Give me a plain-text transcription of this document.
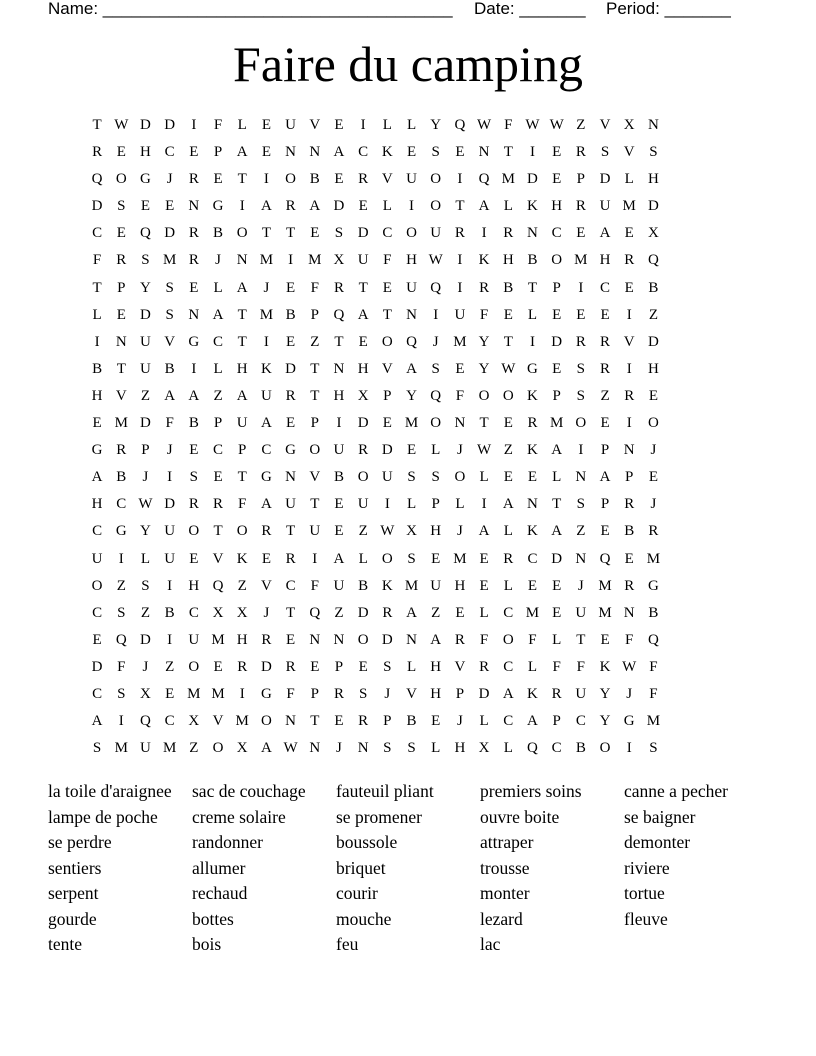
Name: _____________________________________ Date: _______ Period: _______
Faire du camping
T W D D I F L E U V E I L L Y Q W F W W Z V X N
R E H C E P A E N N A C K E S E N T I E R S V S
Q O G J R E T I O B E R V U O I Q M D E P D L H
D S E E N G I A R A D E L I O T A L K H R U M D
C E Q D R B O T T E S D C O U R I R N C E A E X
F R S M R J N M I M X U F H W I K H B O M H R Q
T P Y S E L A J E F R T E U Q I R B T P I C E B
L E D S N A T M B P Q A T N I U F E L E E E I Z
I N U V G C T I E Z T E O Q J M Y T I D R R V D
B T U B I L H K D T N H V A S E Y W G E S R I H
H V Z A A Z A U R T H X P Y Q F O O K P S Z R E
E M D F B P U A E P I D E M O N T E R M O E I O
G R P J E C P C G O U R D E L J W Z K A I P N J
A B J I S E T G N V B O U S S O L E E L N A P E
H C W D R R F A U T E U I L P L I A N T S P R J
C G Y U O T O R T U E Z W X H J A L K A Z E B R
U I L U E V K E R I A L O S E M E R C D N Q E M
O Z S I H Q Z V C F U B K M U H E L E E J M R G
C S Z B C X X J T Q Z D R A Z E L C M E U M N B
E Q D I U M H R E N N O D N A R F O F L T E F Q
D F J Z O E R D R E P E S L H V R C L F F K W F
C S X E M M I G F P R S J V H P D A K R U Y J F
A I Q C X V M O N T E R P B E J L C A P C Y G M
S M U M Z O X A W N J N S S L H X L Q C B O I S
la toile d'araignee
lampe de poche
se perdre
sentiers
serpent
gourde
tente
sac de couchage
creme solaire
randonner
allumer
rechaud
bottes
bois
fauteuil pliant
se promener
boussole
briquet
courir
mouche
feu
premiers soins
ouvre boite
attraper
trousse
monter
lezard
lac
canne a pecher
se baigner
demonter
riviere
tortue
fleuve
